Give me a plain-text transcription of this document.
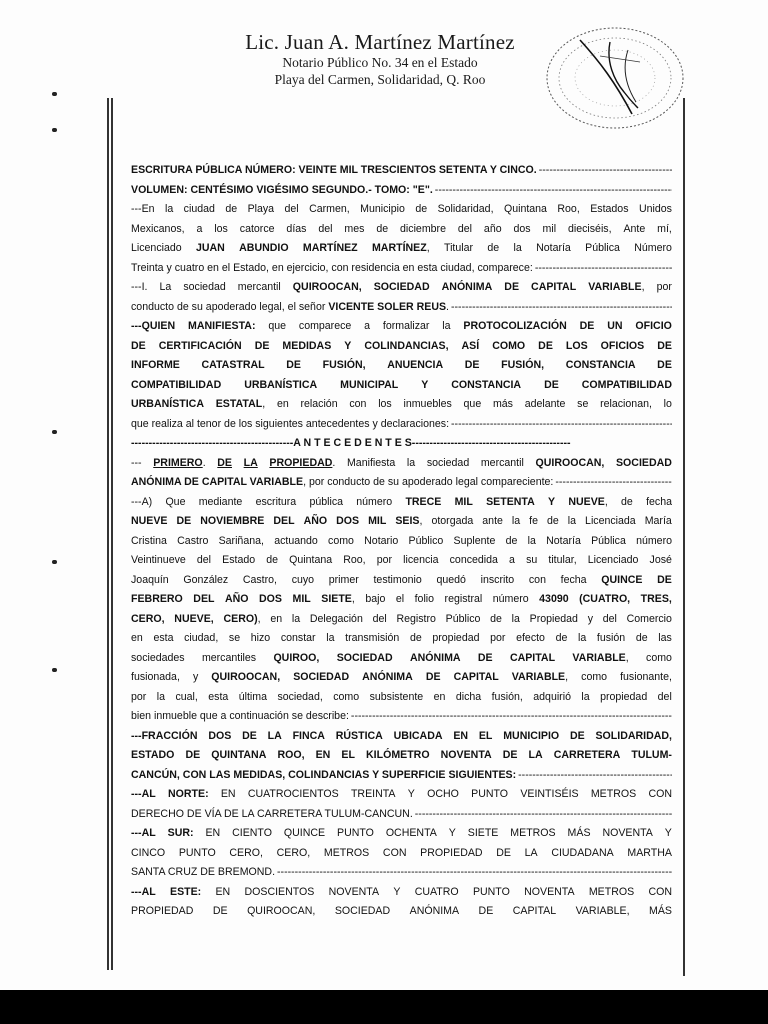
Lic. Juan A. Martínez Martínez
Notario Público No. 34 en el Estado
Playa del Carmen, Solidaridad, Q. Roo
ESCRITURA PÚBLICA NÚMERO: VEINTE MIL TRESCIENTOS SETENTA Y CINCO.
-----
VOLUMEN: CENTÉSIMO VIGÉSIMO SEGUNDO.- TOMO: "E".
-----
---En la ciudad de Playa del Carmen, Municipio de Solidaridad, Quintana Roo, Estados Unidos
Mexicanos, a los catorce días del mes de diciembre del año dos mil dieciséis, Ante mí,
Licenciado JUAN ABUNDIO MARTÍNEZ MARTÍNEZ, Titular de la Notaría Pública Número
Treinta y cuatro en el Estado, en ejercicio, con residencia en esta ciudad, comparece:
-----
---I. La sociedad mercantil QUIROOCAN, SOCIEDAD ANÓNIMA DE CAPITAL VARIABLE, por
conducto de su apoderado legal, el señor VICENTE SOLER REUS .
-----
---QUIEN MANIFIESTA: que comparece a formalizar la PROTOCOLIZACIÓN DE UN OFICIO
DE CERTIFICACIÓN DE MEDIDAS Y COLINDANCIAS, ASÍ COMO DE LOS OFICIOS DE
INFORME CATASTRAL DE FUSIÓN, ANUENCIA DE FUSIÓN, CONSTANCIA DE
COMPATIBILIDAD URBANÍSTICA MUNICIPAL Y CONSTANCIA DE COMPATIBILIDAD
URBANÍSTICA ESTATAL, en relación con los inmuebles que más adelante se relacionan, lo
que realiza al tenor de los siguientes antecedentes y declaraciones:
-----
----------------------------------------------A N T E C E D E N T E S---------------------------------------------
--- PRIMERO. DE LA PROPIEDAD. Manifiesta la sociedad mercantil QUIROOCAN, SOCIEDAD
ANÓNIMA DE CAPITAL VARIABLE , por conducto de su apoderado legal compareciente:
-----
---A) Que mediante escritura pública número TRECE MIL SETENTA Y NUEVE, de fecha
NUEVE DE NOVIEMBRE DEL AÑO DOS MIL SEIS, otorgada ante la fe de la Licenciada María
Cristina Castro Sariñana, actuando como Notario Público Suplente de la Notaría Pública número
Veintinueve del Estado de Quintana Roo, por licencia concedida a su titular, Licenciado José
Joaquín González Castro, cuyo primer testimonio quedó inscrito con fecha QUINCE DE
FEBRERO DEL AÑO DOS MIL SIETE, bajo el folio registral número 43090 (CUATRO, TRES,
CERO, NUEVE, CERO), en la Delegación del Registro Público de la Propiedad y del Comercio
en esta ciudad, se hizo constar la transmisión de propiedad por efecto de la fusión de las
sociedades mercantiles QUIROO, SOCIEDAD ANÓNIMA DE CAPITAL VARIABLE, como
fusionada, y QUIROOCAN, SOCIEDAD ANÓNIMA DE CAPITAL VARIABLE, como fusionante,
por la cual, esta última sociedad, como subsistente en dicha fusión, adquirió la propiedad del
bien inmueble que a continuación se describe:
-----
---FRACCIÓN DOS DE LA FINCA RÚSTICA UBICADA EN EL MUNICIPIO DE SOLIDARIDAD,
ESTADO DE QUINTANA ROO, EN EL KILÓMETRO NOVENTA DE LA CARRETERA TULUM-
CANCÚN, CON LAS MEDIDAS, COLINDANCIAS Y SUPERFICIE SIGUIENTES:
-----
---AL NORTE: EN CUATROCIENTOS TREINTA Y OCHO PUNTO VEINTISÉIS METROS CON
DERECHO DE VÍA DE LA CARRETERA TULUM-CANCUN.
-----
---AL SUR: EN CIENTO QUINCE PUNTO OCHENTA Y SIETE METROS MÁS NOVENTA Y
CINCO PUNTO CERO, CERO, METROS CON PROPIEDAD DE LA CIUDADANA MARTHA
SANTA CRUZ DE BREMOND.
-----
---AL ESTE: EN DOSCIENTOS NOVENTA Y CUATRO PUNTO NOVENTA METROS CON
PROPIEDAD DE QUIROOCAN, SOCIEDAD ANÓNIMA DE CAPITAL VARIABLE, MÁS
